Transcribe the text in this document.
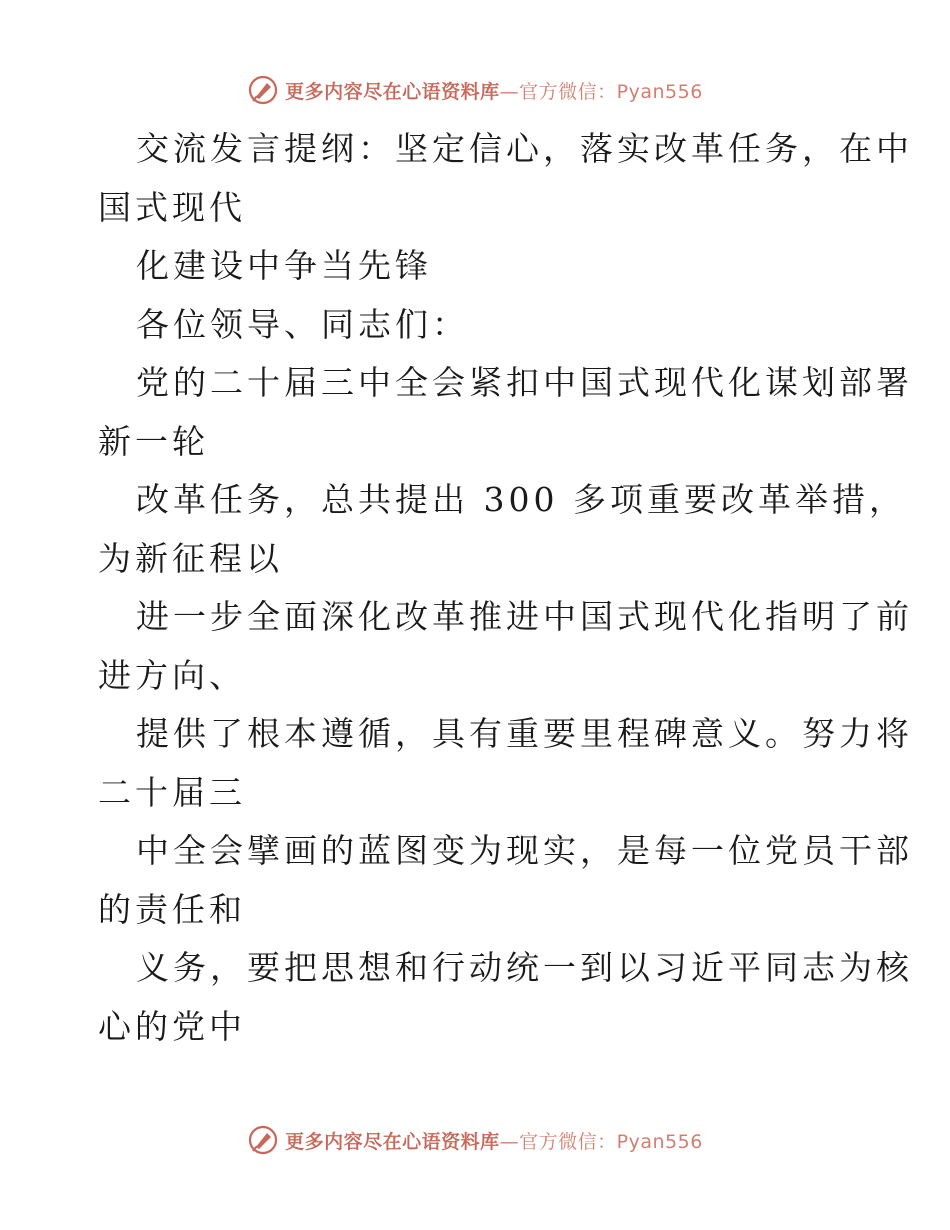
更多内容尽在心语资料库—官方微信：Pyan556
交流发言提纲：坚定信心，落实改革任务，在中
国式现代
化建设中争当先锋
各位领导、同志们：
党的二十届三中全会紧扣中国式现代化谋划部署
新一轮
改革任务，总共提出 300 多项重要改革举措，
为新征程以
进一步全面深化改革推进中国式现代化指明了前
进方向、
提供了根本遵循，具有重要里程碑意义。努力将
二十届三
中全会擘画的蓝图变为现实，是每一位党员干部
的责任和
义务，要把思想和行动统一到以习近平同志为核
心的党中
更多内容尽在心语资料库—官方微信：Pyan556
